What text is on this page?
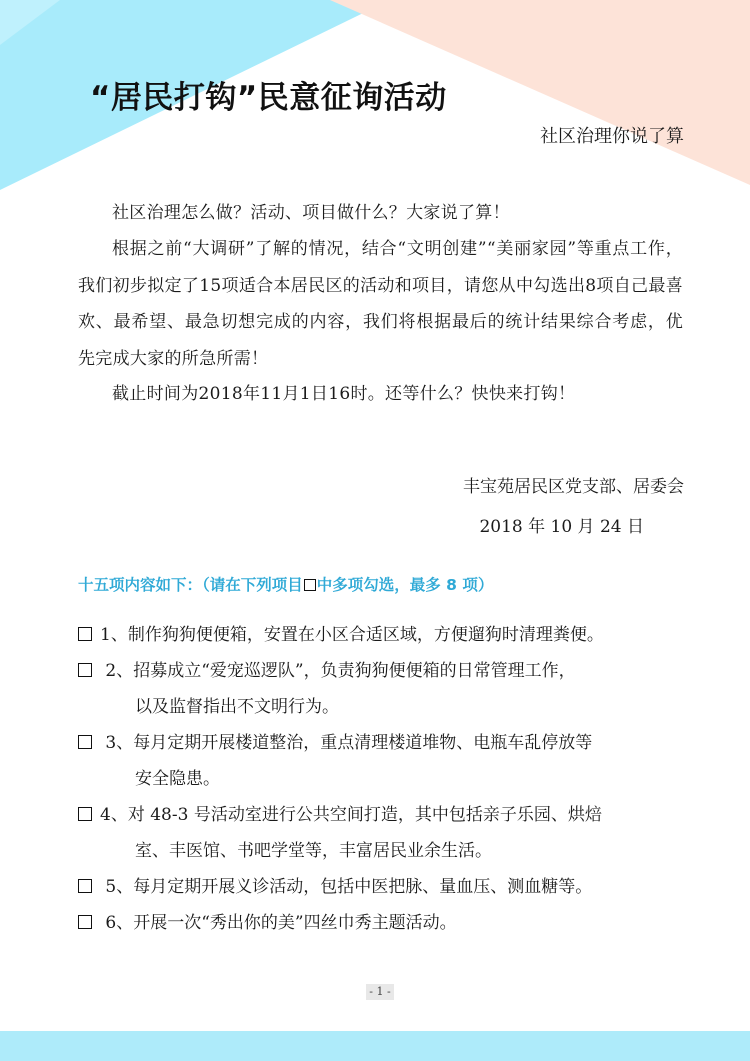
“居民打钩”民意征询活动
社区治理你说了算
社区治理怎么做？活动、项目做什么？大家说了算！
根据之前“大调研”了解的情况，结合“文明创建”“美丽家园”等重点工作，我们初步拟定了15项适合本居民区的活动和项目，请您从中勾选出8项自己最喜欢、最希望、最急切想完成的内容，我们将根据最后的统计结果综合考虑，优先完成大家的所急所需！
截止时间为2018年11月1日16时。还等什么？快快来打钩！
丰宝苑居民区党支部、居委会
2018 年 10 月 24 日
十五项内容如下：（请在下列项目 中多项勾选，最多 8 项）
1、制作狗狗便便箱，安置在小区合适区域，方便遛狗时清理粪便。
2、招募成立“爱宠巡逻队”，负责狗狗便便箱的日常管理工作，
以及监督指出不文明行为。
3、每月定期开展楼道整治，重点清理楼道堆物、电瓶车乱停放等
安全隐患。
4、对 48-3 号活动室进行公共空间打造，其中包括亲子乐园、烘焙
室、丰医馆、书吧学堂等，丰富居民业余生活。
5、每月定期开展义诊活动，包括中医把脉、量血压、测血糖等。
6、开展一次“秀出你的美”四丝巾秀主题活动。
- 1 -
